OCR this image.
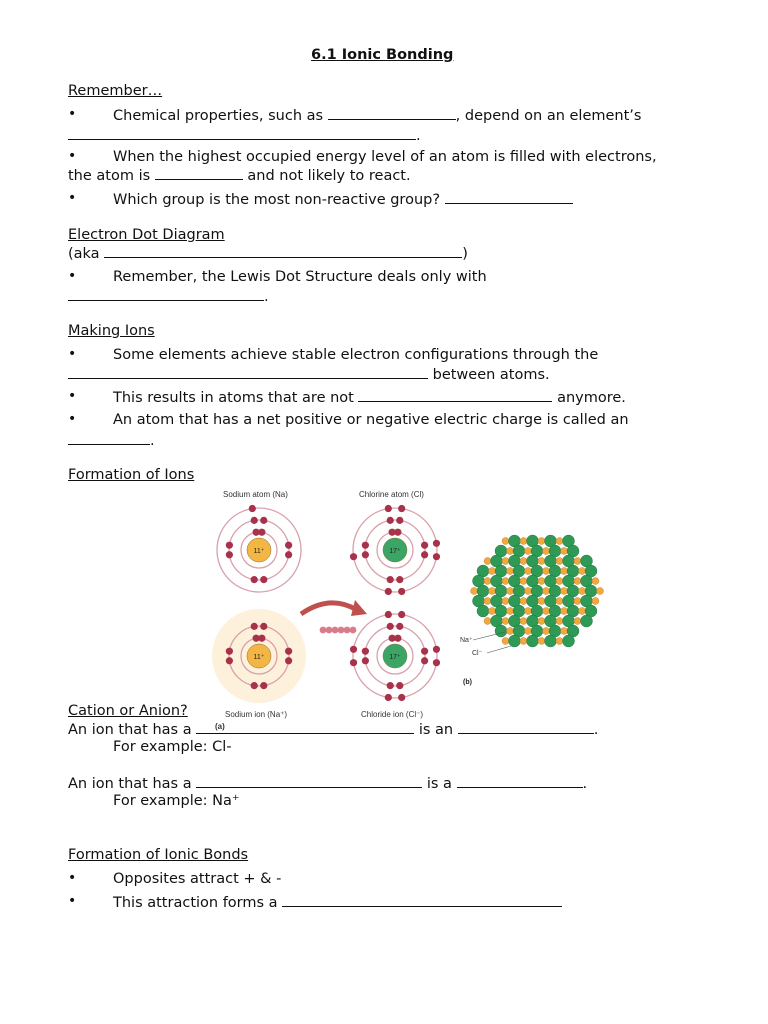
6.1 Ionic Bonding
Remember…
•	Chemical properties, such as	, depend on an element’s
.
•	When the highest occupied energy level of an atom is filled with electrons,
the atom is	and not likely to react.
•	Which group is the most non-reactive group?
Electron Dot Diagram
(aka	)
•	Remember, the Lewis Dot Structure deals only with
.
Making Ions
•	Some elements achieve stable electron configurations through the
between atoms.
•	This results in atoms that are not	anymore.
•	An atom that has a net positive or negative electric charge is called an
.
Formation of Ions
11⁺	17⁺
11⁺	17⁺
Na⁺
Cl⁻
(b)
Sodium atom (Na)	Chlorine atom (Cl)
Sodium ion (Na⁺)	Chloride ion (Cl⁻)
(a)
Cation or Anion?
An ion that has a	is an	.
For example: Cl-
An ion that has a	is a	.
For example: Na⁺
Formation of Ionic Bonds
•	Opposites attract + & -
•	This attraction forms a
